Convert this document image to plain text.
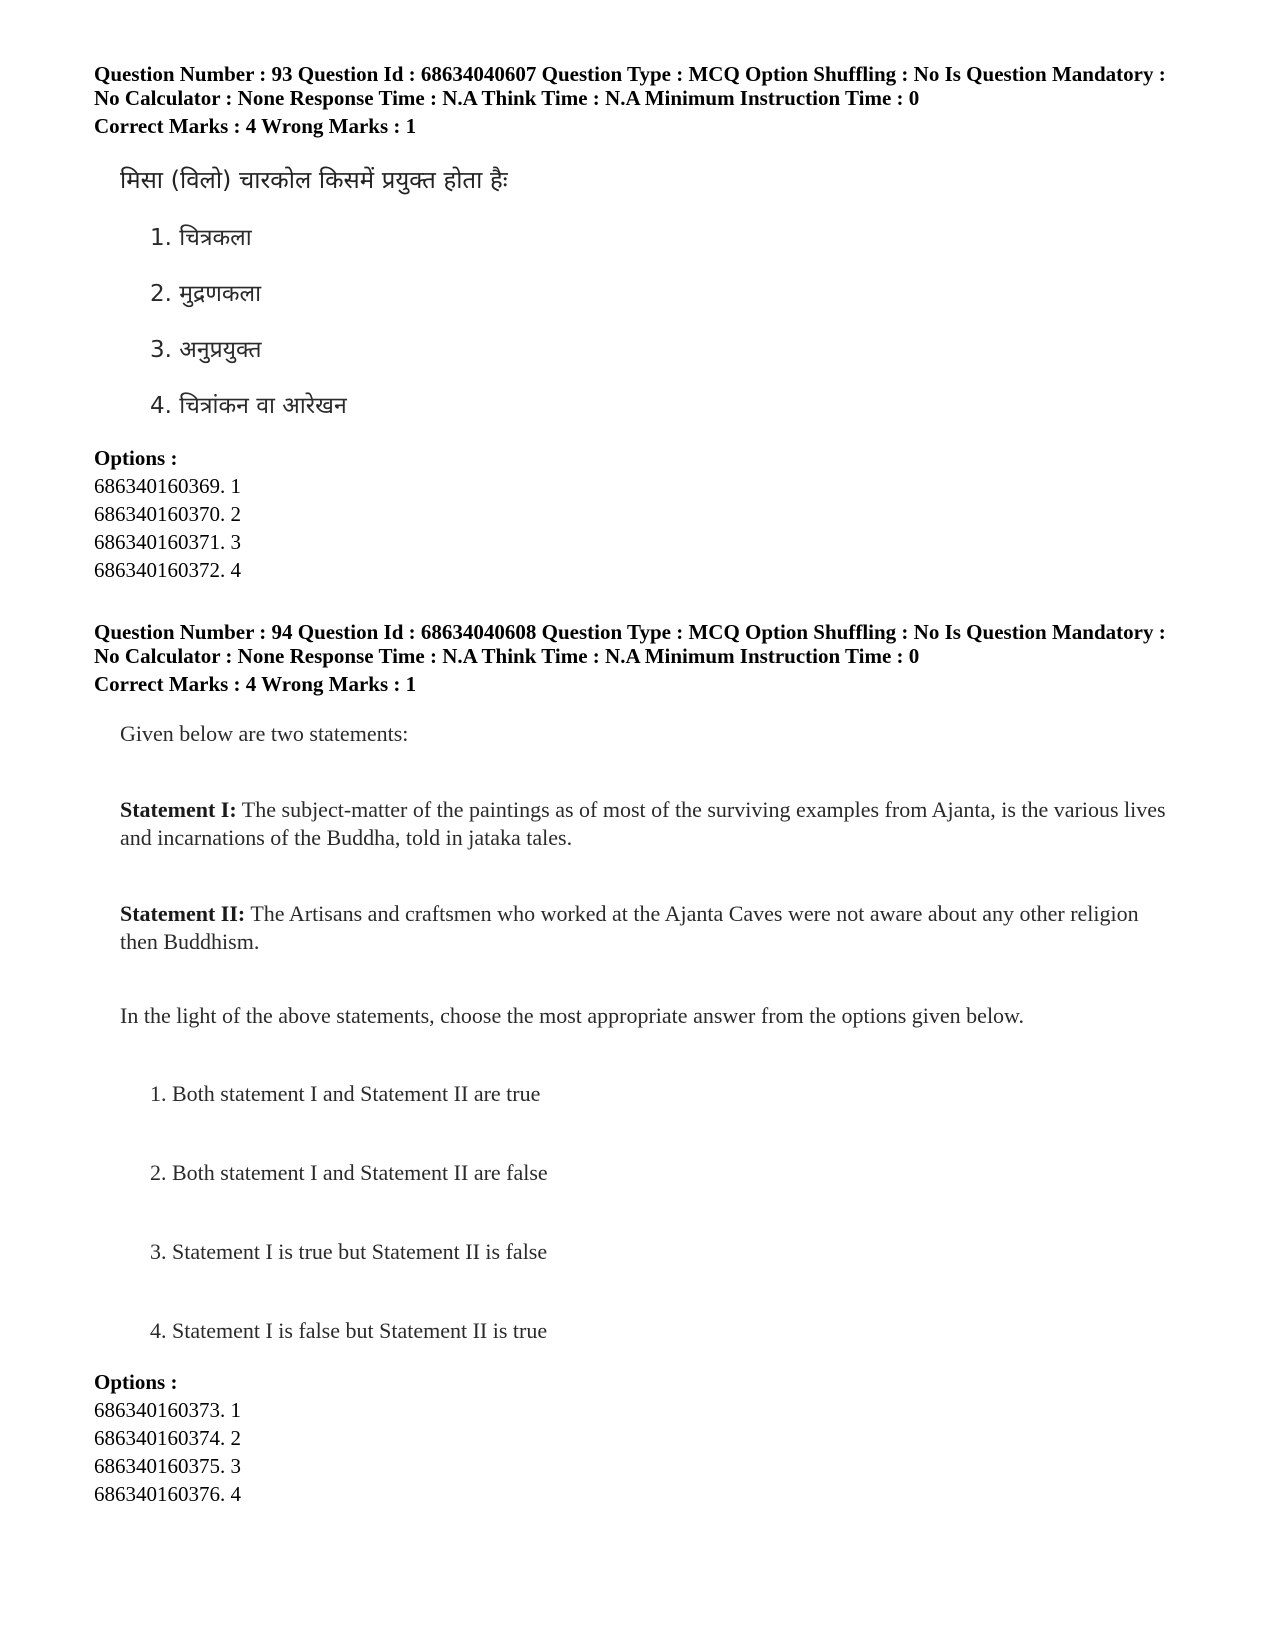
Question Number : 93 Question Id : 68634040607 Question Type : MCQ Option Shuffling : No Is Question Mandatory :
No Calculator : None Response Time : N.A Think Time : N.A Minimum Instruction Time : 0
Correct Marks : 4 Wrong Marks : 1
मिसा (विलो) चारकोल किसमें प्रयुक्त होता हैः
1. चित्रकला
2. मुद्रणकला
3. अनुप्रयुक्त
4. चित्रांकन वा आरेखन
Options :
686340160369. 1
686340160370. 2
686340160371. 3
686340160372. 4
Question Number : 94 Question Id : 68634040608 Question Type : MCQ Option Shuffling : No Is Question Mandatory :
No Calculator : None Response Time : N.A Think Time : N.A Minimum Instruction Time : 0
Correct Marks : 4 Wrong Marks : 1
Given below are two statements:
Statement I: The subject-matter of the paintings as of most of the surviving examples from Ajanta, is the various lives and incarnations of the Buddha, told in jataka tales.
Statement II: The Artisans and craftsmen who worked at the Ajanta Caves were not aware about any other religion then Buddhism.
In the light of the above statements, choose the most appropriate answer from the options given below.
1. Both statement I and Statement II are true
2. Both statement I and Statement II are false
3. Statement I is true but Statement II is false
4. Statement I is false but Statement II is true
Options :
686340160373. 1
686340160374. 2
686340160375. 3
686340160376. 4
